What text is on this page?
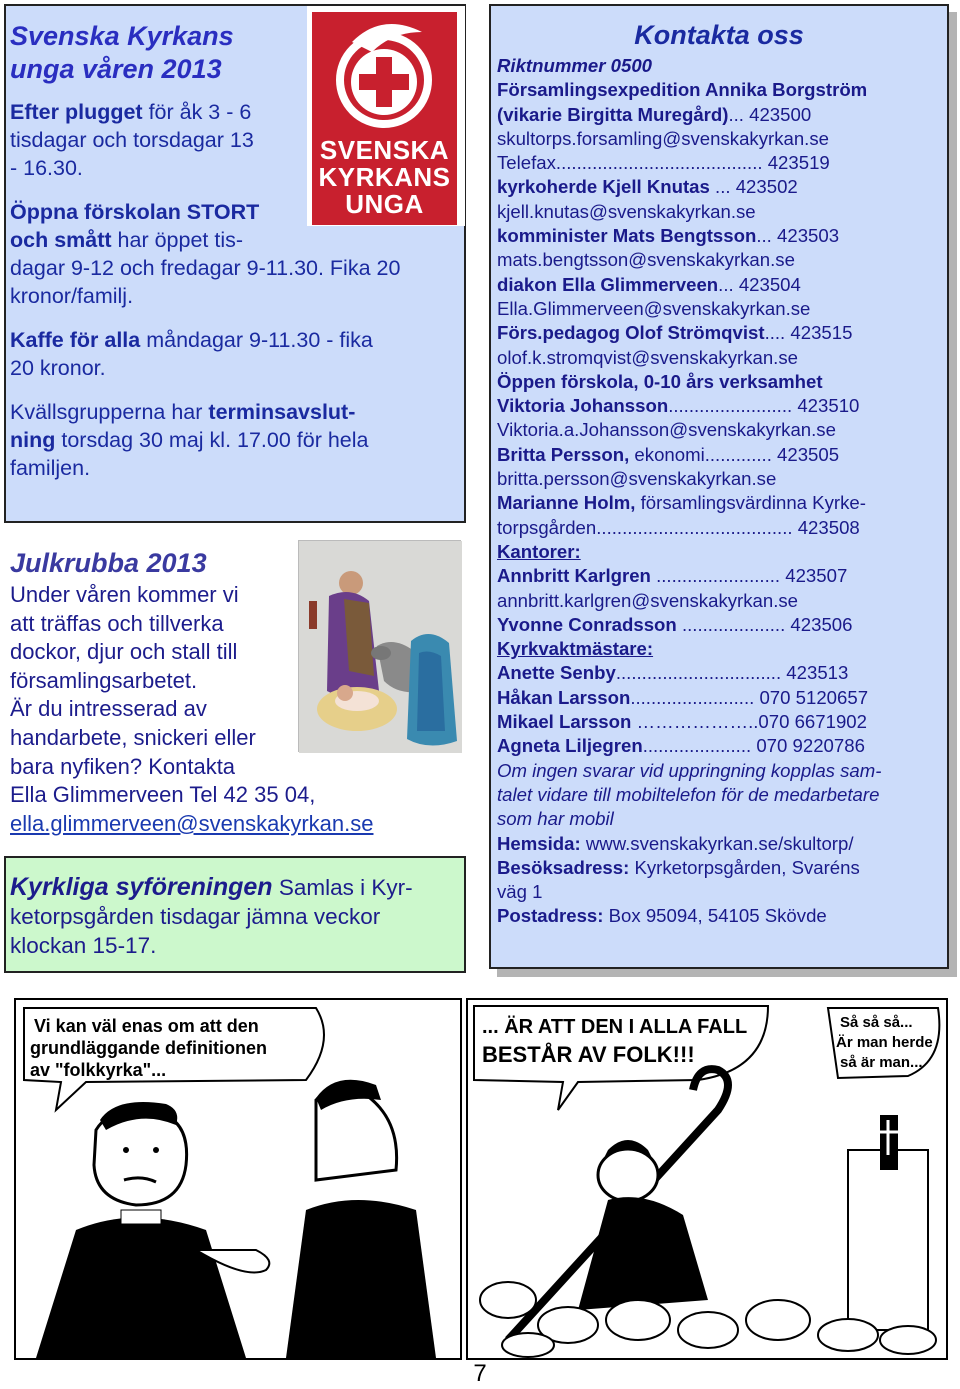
Svenska Kyrkans
unga våren 2013
Efter plugget för åk 3 - 6
tisdagar och torsdagar 13
- 16.30.
Öppna förskolan STORT
och smått har öppet tis-
dagar 9-12 och fredagar 9-11.30. Fika 20
kronor/familj.
Kaffe för alla måndagar 9-11.30 - fika
20 kronor.
Kvällsgrupperna har terminsavslut-
ning torsdag 30 maj kl. 17.00 för hela
familjen.
SVENSKA
KYRKANS
UNGA
Julkrubba 2013
Under våren kommer vi
att träffas och tillverka
dockor, djur och stall till
församlingsarbetet.
Är du intresserad av
handarbete, snickeri eller
bara nyfiken? Kontakta
Ella Glimmerveen Tel 42 35 04,
ella.glimmerveen@svenskakyrkan.se
Kyrkliga syföreningen Samlas i Kyr-
ketorpsgården tisdagar jämna veckor
klockan 15-17.
Kontakta oss
Riktnummer 0500
Församlingsexpedition Annika Borgström
(vikarie Birgitta Muregård)... 423500
skultorps.forsamling@svenskakyrkan.se
Telefax........................................ 423519
kyrkoherde Kjell Knutas ... 423502
kjell.knutas@svenskakyrkan.se
komminister Mats Bengtsson... 423503
mats.bengtsson@svenskakyrkan.se
diakon Ella Glimmerveen... 423504
Ella.Glimmerveen@svenskakyrkan.se
Förs.pedagog Olof Strömqvist.... 423515
olof.k.stromqvist@svenskakyrkan.se
Öppen förskola, 0-10 års verksamhet
Viktoria Johansson........................ 423510
Viktoria.a.Johansson@svenskakyrkan.se
Britta Persson, ekonomi............. 423505
britta.persson@svenskakyrkan.se
Marianne Holm, församlingsvärdinna Kyrke-
torpsgården...................................... 423508
Kantorer:
Annbritt Karlgren ........................ 423507
annbritt.karlgren@svenskakyrkan.se
Yvonne Conradsson .................... 423506
Kyrkvaktmästare:
Anette Senby................................ 423513
Håkan Larsson........................ 070 5120657
Mikael Larsson ………………..070 6671902
Agneta Liljegren..................... 070 9220786
Om ingen svarar vid uppringning kopplas sam-
talet vidare till mobiltelefon för de medarbetare
som har mobil
Hemsida: www.svenskakyrkan.se/skultorp/
Besöksadress: Kyrketorpsgården, Svaréns
väg 1
Postadress: Box 95094, 54105 Skövde
Vi kan väl enas om att den
grundläggande definitionen
av "folkkyrka"...
... ÄR ATT DEN I ALLA FALL
BESTÅR AV FOLK!!!
Så så så...
Är man herde
så är man...
7
